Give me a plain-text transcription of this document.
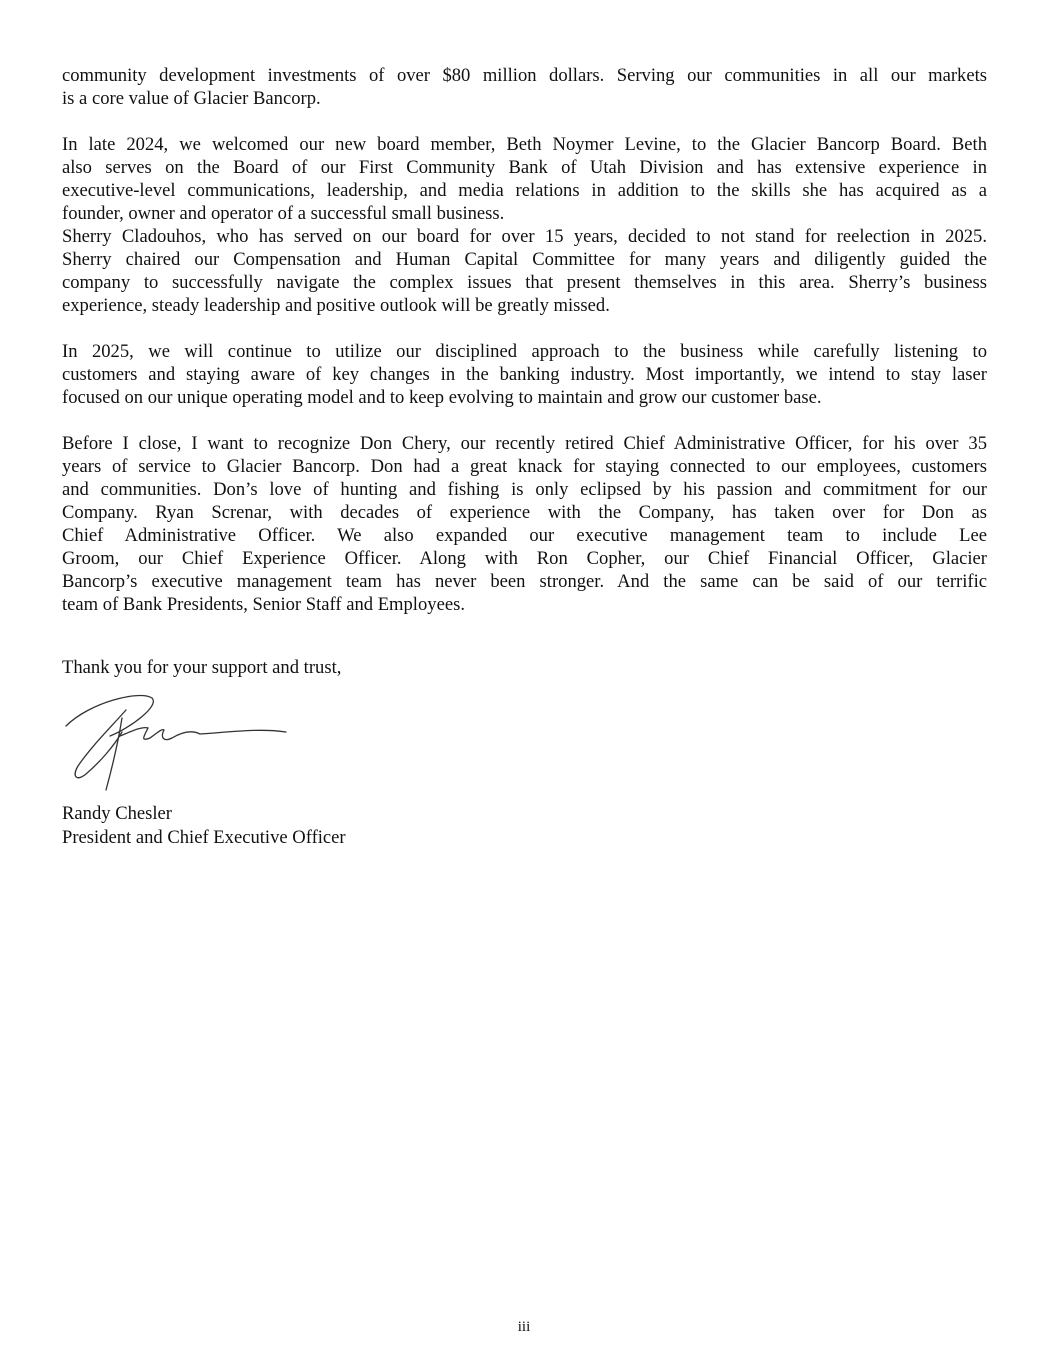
community development investments of over $80 million dollars. Serving our communities in all our markets
is a core value of Glacier Bancorp.
In late 2024, we welcomed our new board member, Beth Noymer Levine, to the Glacier Bancorp Board. Beth
also serves on the Board of our First Community Bank of Utah Division and has extensive experience in
executive-level communications, leadership, and media relations in addition to the skills she has acquired as a
founder, owner and operator of a successful small business.
Sherry Cladouhos, who has served on our board for over 15 years, decided to not stand for reelection in 2025.
Sherry chaired our Compensation and Human Capital Committee for many years and diligently guided the
company to successfully navigate the complex issues that present themselves in this area. Sherry’s business
experience, steady leadership and positive outlook will be greatly missed.
In 2025, we will continue to utilize our disciplined approach to the business while carefully listening to
customers and staying aware of key changes in the banking industry. Most importantly, we intend to stay laser
focused on our unique operating model and to keep evolving to maintain and grow our customer base.
Before I close, I want to recognize Don Chery, our recently retired Chief Administrative Officer, for his over 35
years of service to Glacier Bancorp. Don had a great knack for staying connected to our employees, customers
and communities. Don’s love of hunting and fishing is only eclipsed by his passion and commitment for our
Company. Ryan Screnar, with decades of experience with the Company, has taken over for Don as
Chief Administrative Officer. We also expanded our executive management team to include Lee
Groom, our Chief Experience Officer. Along with Ron Copher, our Chief Financial Officer, Glacier
Bancorp’s executive management team has never been stronger. And the same can be said of our terrific
team of Bank Presidents, Senior Staff and Employees.
Thank you for your support and trust,
Randy Chesler
President and Chief Executive Officer
iii
